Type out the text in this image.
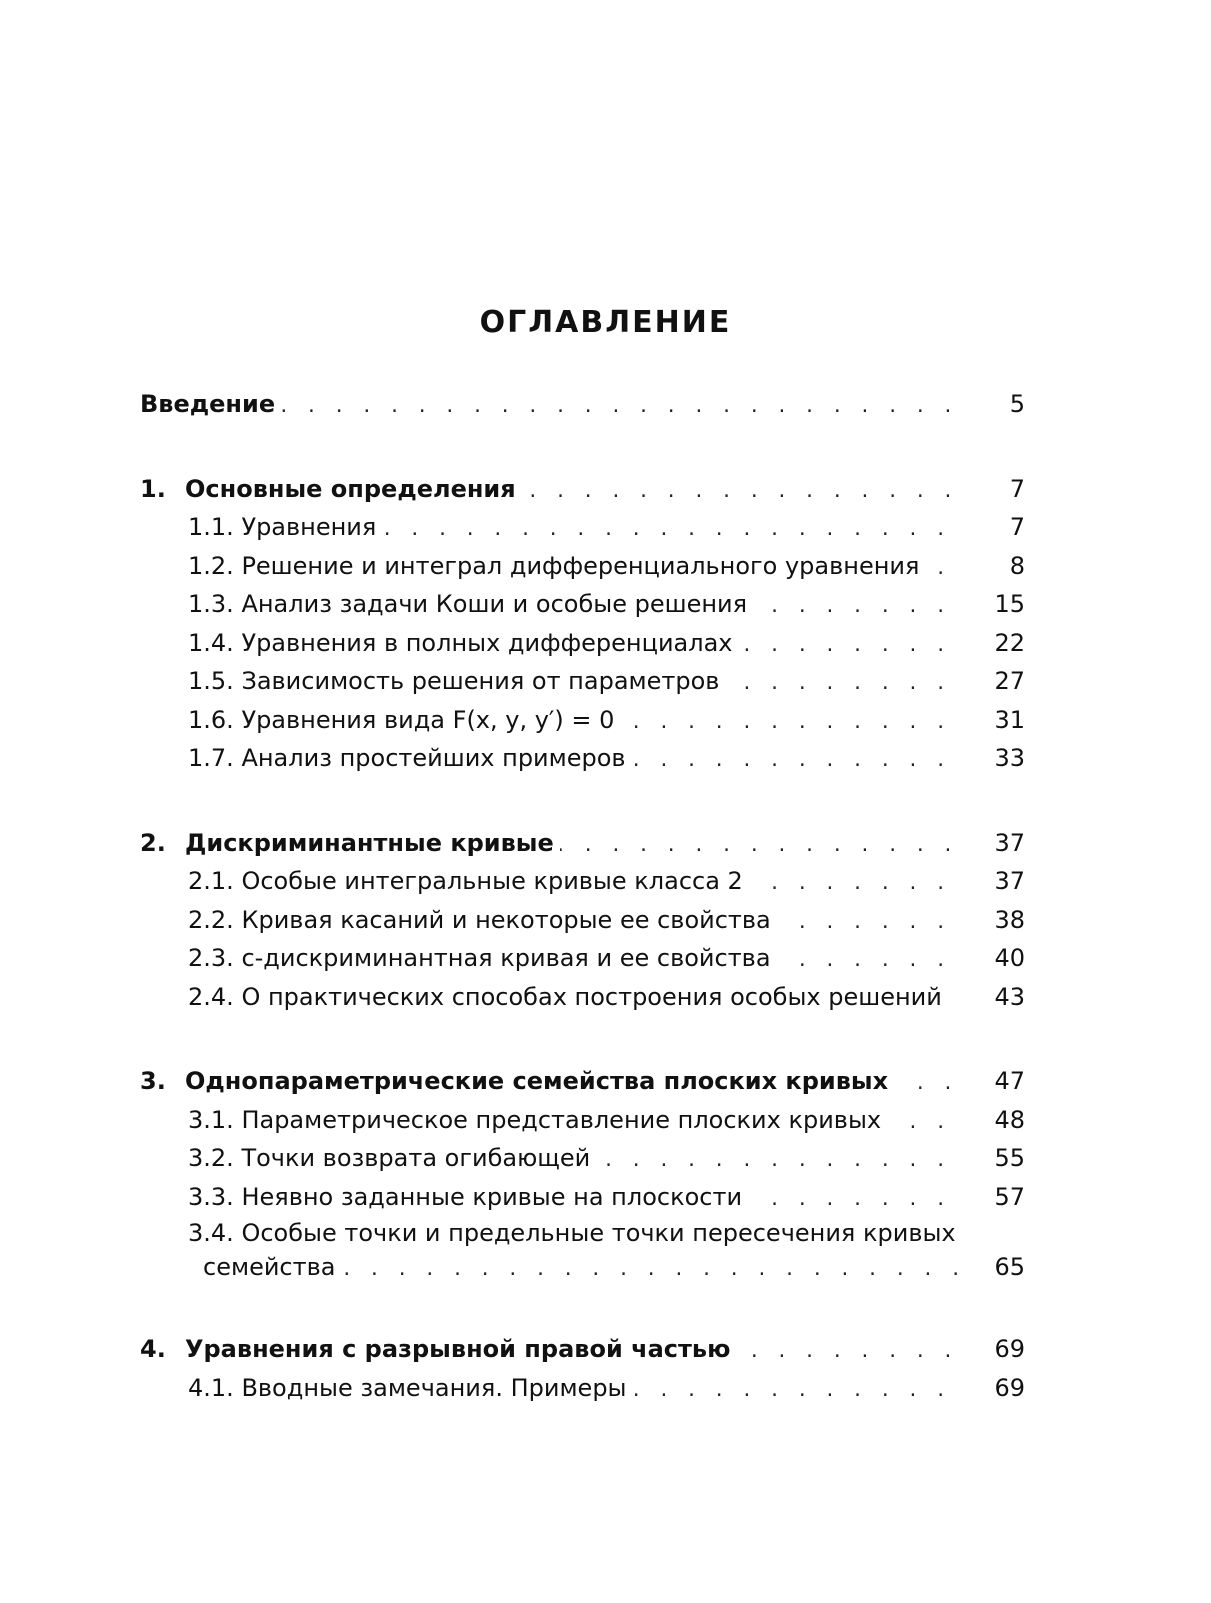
ОГЛАВЛЕНИЕ
. . .
Введение	5
. . .
1. Основные определения	7
. . .
1.1. Уравнения	7
. . .
1.2. Решение и интеграл дифференциального уравнения	8
. . .
1.3. Анализ задачи Коши и особые решения	15
. . .
1.4. Уравнения в полных дифференциалах	22
. . .
1.5. Зависимость решения от параметров	27
. . .
1.6. Уравнения вида F(x, y, y′) = 0	31
. . .
1.7. Анализ простейших примеров	33
. . .
2. Дискриминантные кривые	37
. . .
2.1. Особые интегральные кривые класса 2	37
. . .
2.2. Кривая касаний и некоторые ее свойства	38
. . .
2.3. c-дискриминантная кривая и ее свойства	40
. . .
2.4. О практических способах построения особых решений	43
. . .
3. Однопараметрические семейства плоских кривых	47
. . .
3.1. Параметрическое представление плоских кривых	48
. . .
3.2. Точки возврата огибающей	55
. . .
3.3. Неявно заданные кривые на плоскости	57
3.4. Особые точки и предельные точки пересечения кривых
. . .
семейства	65
. . .
4. Уравнения с разрывной правой частью	69
. . .
4.1. Вводные замечания. Примеры	69
